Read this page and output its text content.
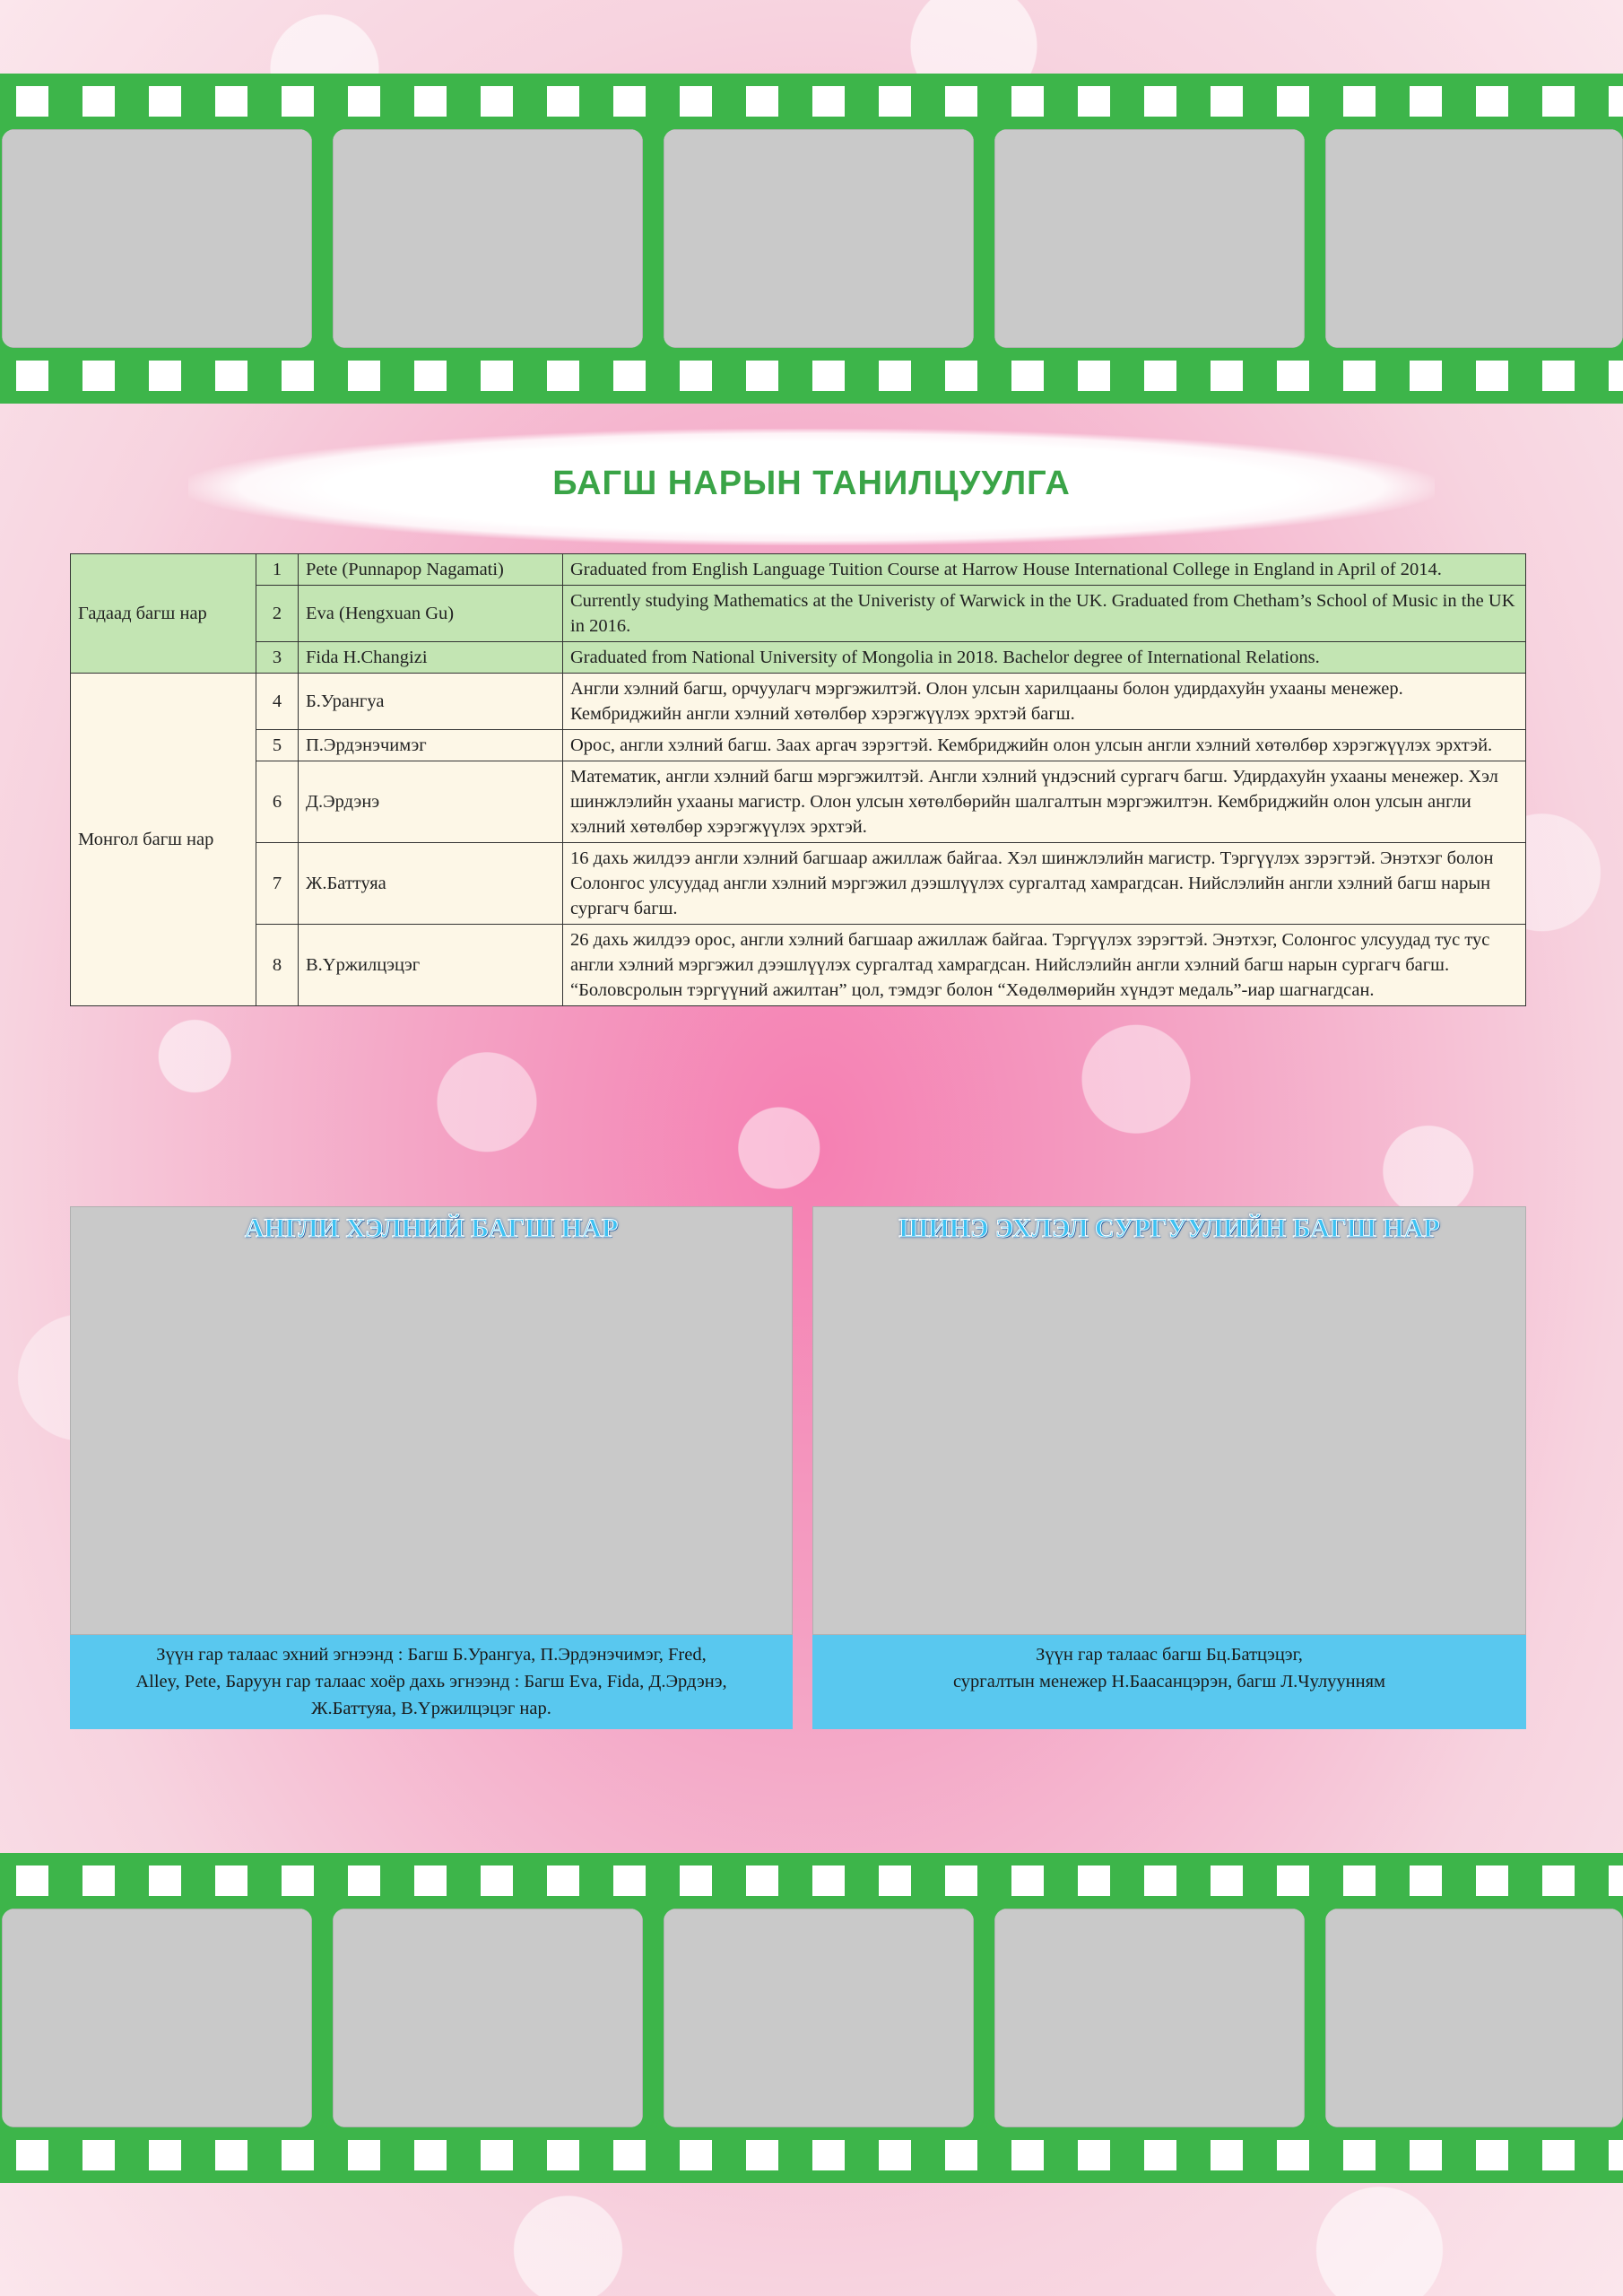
БАГШ НАРЫН ТАНИЛЦУУЛГА
Гадаад багш нар	1	Pete (Punnapop Nagamati)	Graduated from English Language Tuition Course at Harrow House International College in England in April of 2014.
	2	Eva (Hengxuan Gu)	Currently studying Mathematics at the Univeristy of Warwick in the UK. Graduated from Chetham’s School of Music in the UK in 2016.
	3	Fida H.Changizi	Graduated from National University of Mongolia in 2018. Bachelor degree of International Relations.
Монгол багш нар	4	Б.Урангуа	Англи хэлний багш, орчуулагч мэргэжилтэй. Олон улсын харилцааны болон удирдахуйн ухааны менежер. Кембриджийн англи хэлний хөтөлбөр хэрэгжүүлэх эрхтэй багш.
	5	П.Эрдэнэчимэг	Орос, англи хэлний багш. Заах аргач зэрэгтэй. Кембриджийн олон улсын англи хэлний хөтөлбөр хэрэгжүүлэх эрхтэй.
	6	Д.Эрдэнэ	Математик, англи хэлний багш мэргэжилтэй. Англи хэлний үндэсний сургагч багш. Удирдахуйн ухааны менежер. Хэл шинжлэлийн ухааны магистр. Олон улсын хөтөлбөрийн шалгалтын мэргэжилтэн. Кембриджийн олон улсын англи хэлний хөтөлбөр хэрэгжүүлэх эрхтэй.
	7	Ж.Баттуяа	16 дахь жилдээ англи хэлний багшаар ажиллаж байгаа. Хэл шинжлэлийн магистр. Тэргүүлэх зэрэгтэй. Энэтхэг болон Солонгос улсуудад англи хэлний мэргэжил дээшлүүлэх сургалтад хамрагдсан. Нийслэлийн англи хэлний багш нарын сургагч багш.
	8	В.Үржилцэцэг	26 дахь жилдээ орос, англи хэлний багшаар ажиллаж байгаа. Тэргүүлэх зэрэгтэй. Энэтхэг, Солонгос улсуудад тус тус англи хэлний мэргэжил дээшлүүлэх сургалтад хамрагдсан. Нийслэлийн англи хэлний багш нарын сургагч багш. “Боловсролын тэргүүний ажилтан” цол, тэмдэг болон “Хөдөлмөрийн хүндэт медаль”-иар шагнагдсан.
АНГЛИ ХЭЛНИЙ БАГШ НАР
Зүүн гар талаас эхний эгнээнд : Багш Б.Урангуа, П.Эрдэнэчимэг, Fred,
Alley, Pete, Баруун гар талаас хоёр дахь эгнээнд : Багш Eva, Fida, Д.Эрдэнэ,
Ж.Баттуяа, В.Үржилцэцэг нар.
ШИНЭ ЭХЛЭЛ СУРГУУЛИЙН БАГШ НАР
Зүүн гар талаас багш Бц.Батцэцэг,
сургалтын менежер Н.Баасанцэрэн, багш Л.Чулуунням
